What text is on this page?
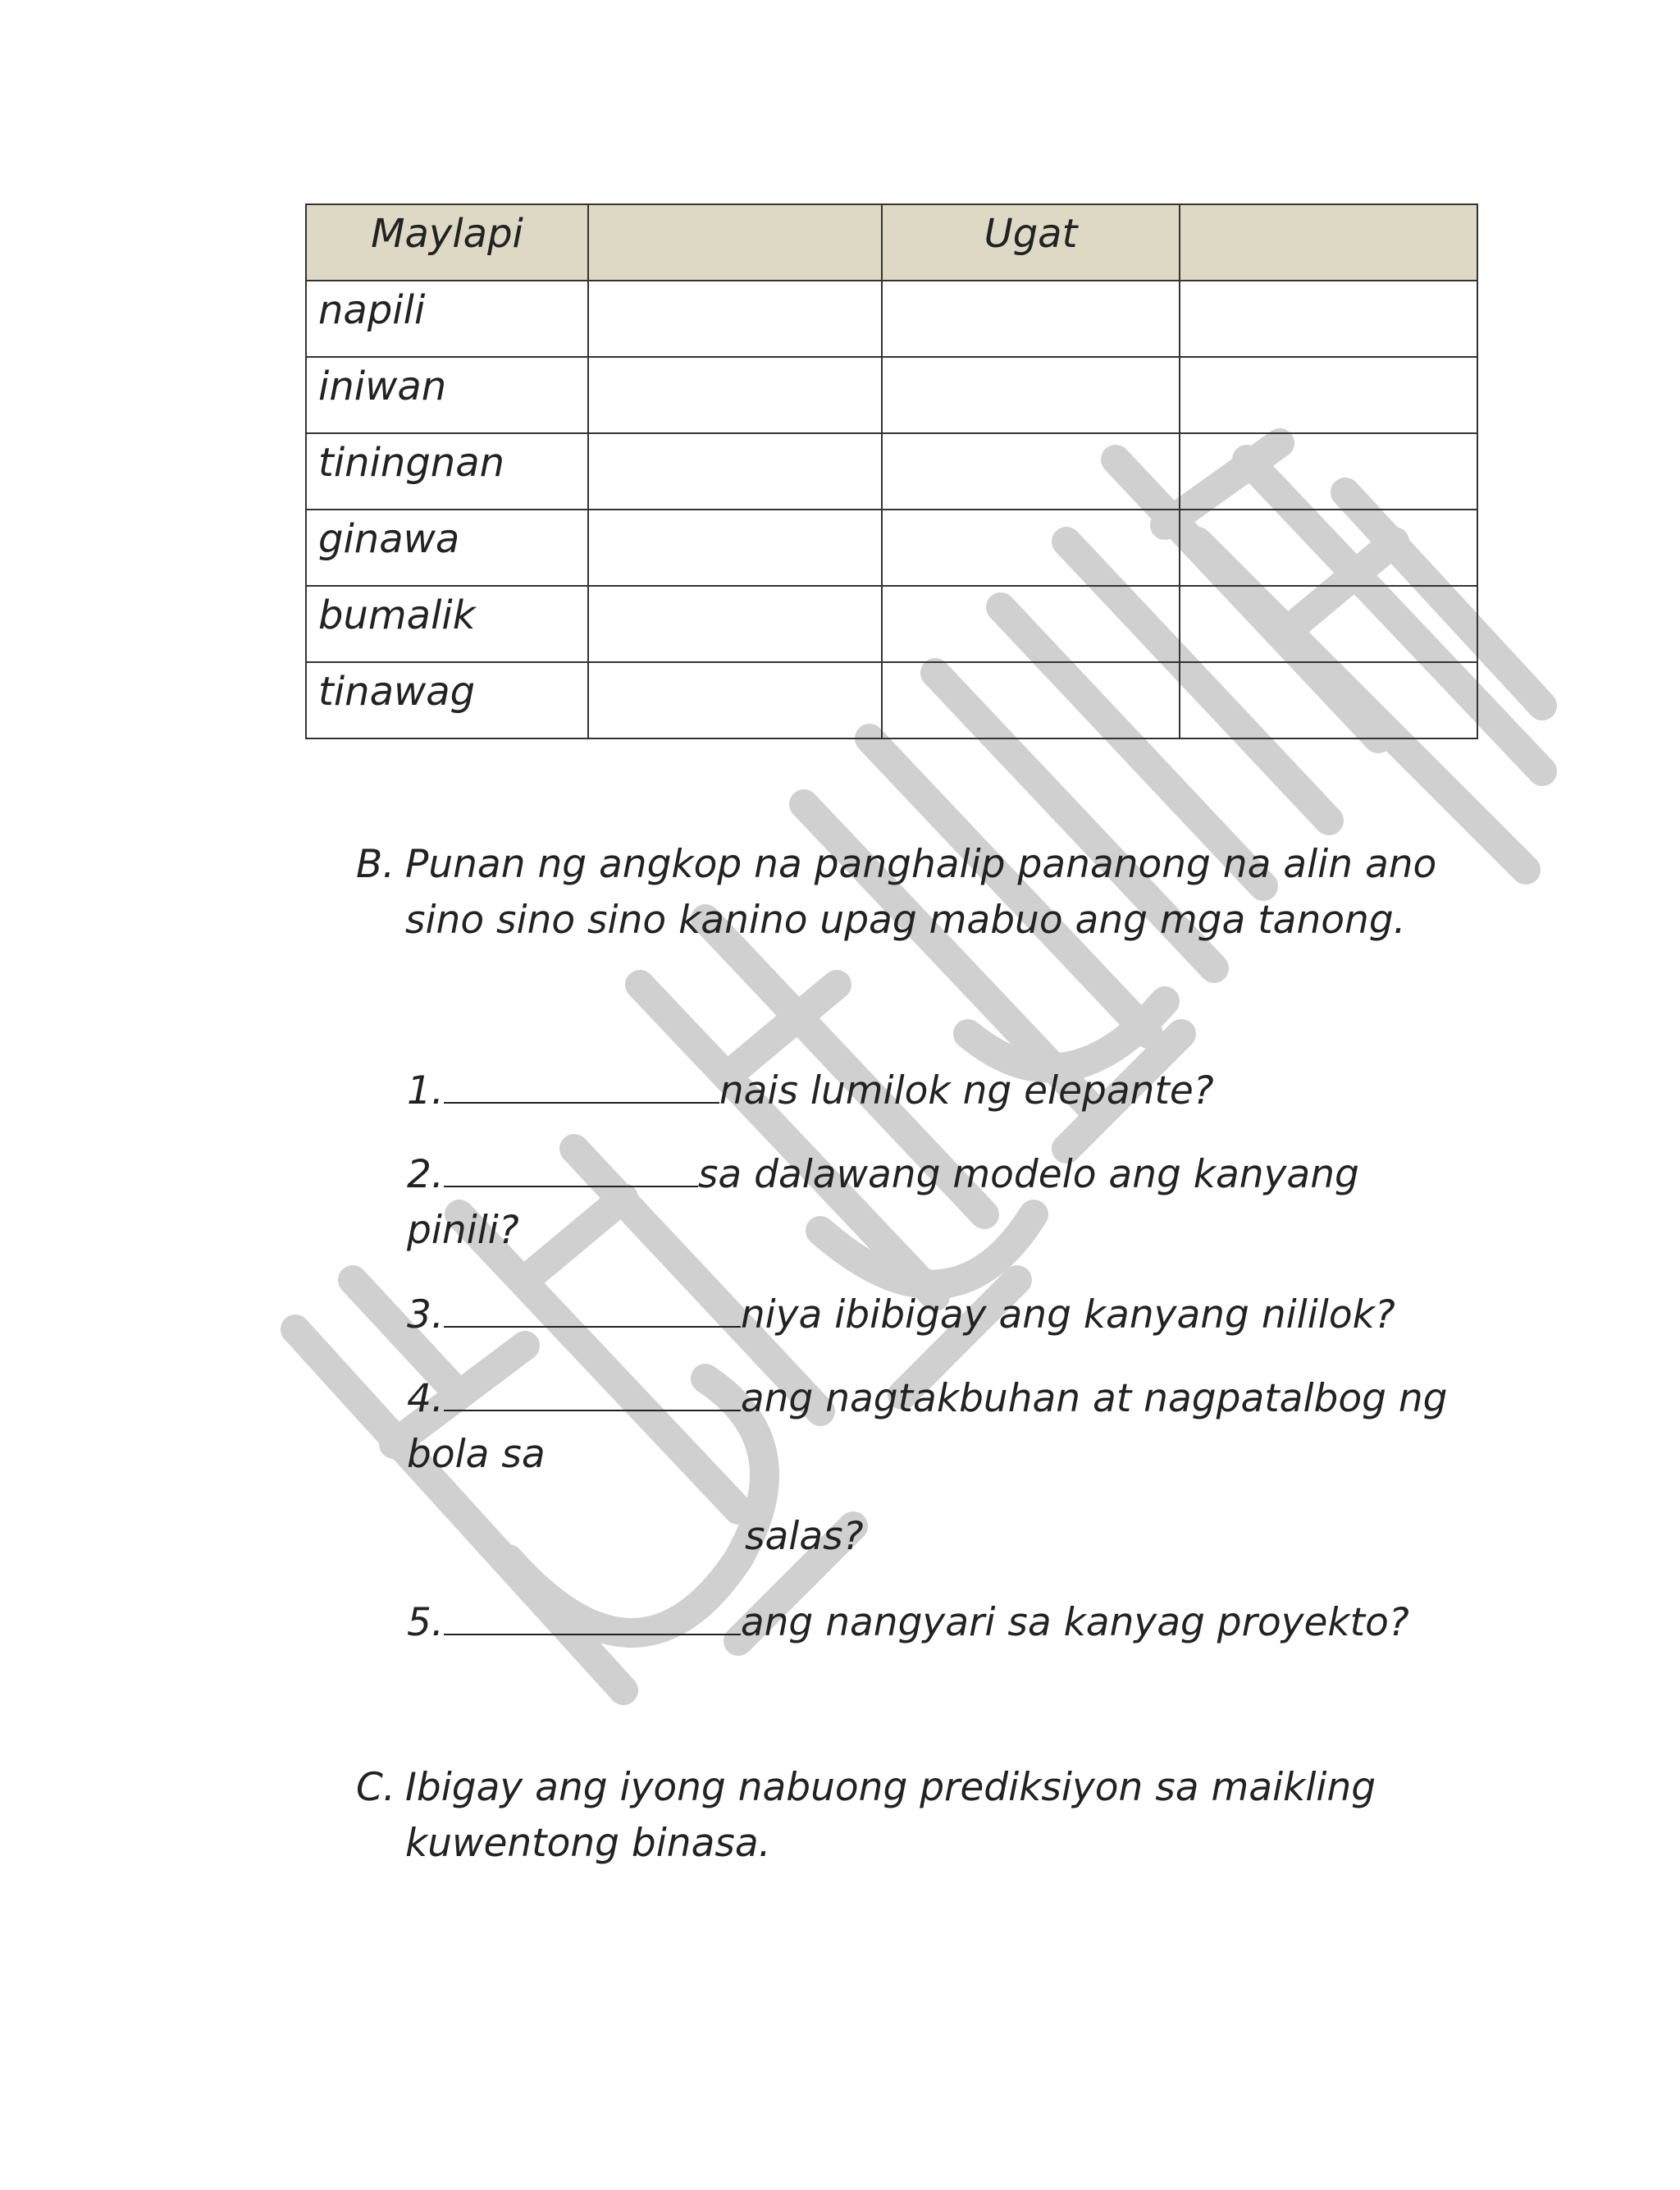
Maylapi		Ugat	
napili			
iniwan			
tiningnan			
ginawa			
bumalik			
tinawag			
B. Punan ng angkop na panghalip pananong na alin ano sino sino sino kanino upag mabuo ang mga tanong.
1.	nais lumilok ng elepante?
2.	sa dalawang modelo ang kanyang
pinili?
3.	niya ibibigay ang kanyang nililok?
4.	ang nagtakbuhan at nagpatalbog ng
bola sa
salas?
5.	ang nangyari sa kanyag proyekto?
C. Ibigay ang iyong nabuong prediksiyon sa maikling kuwentong binasa.
